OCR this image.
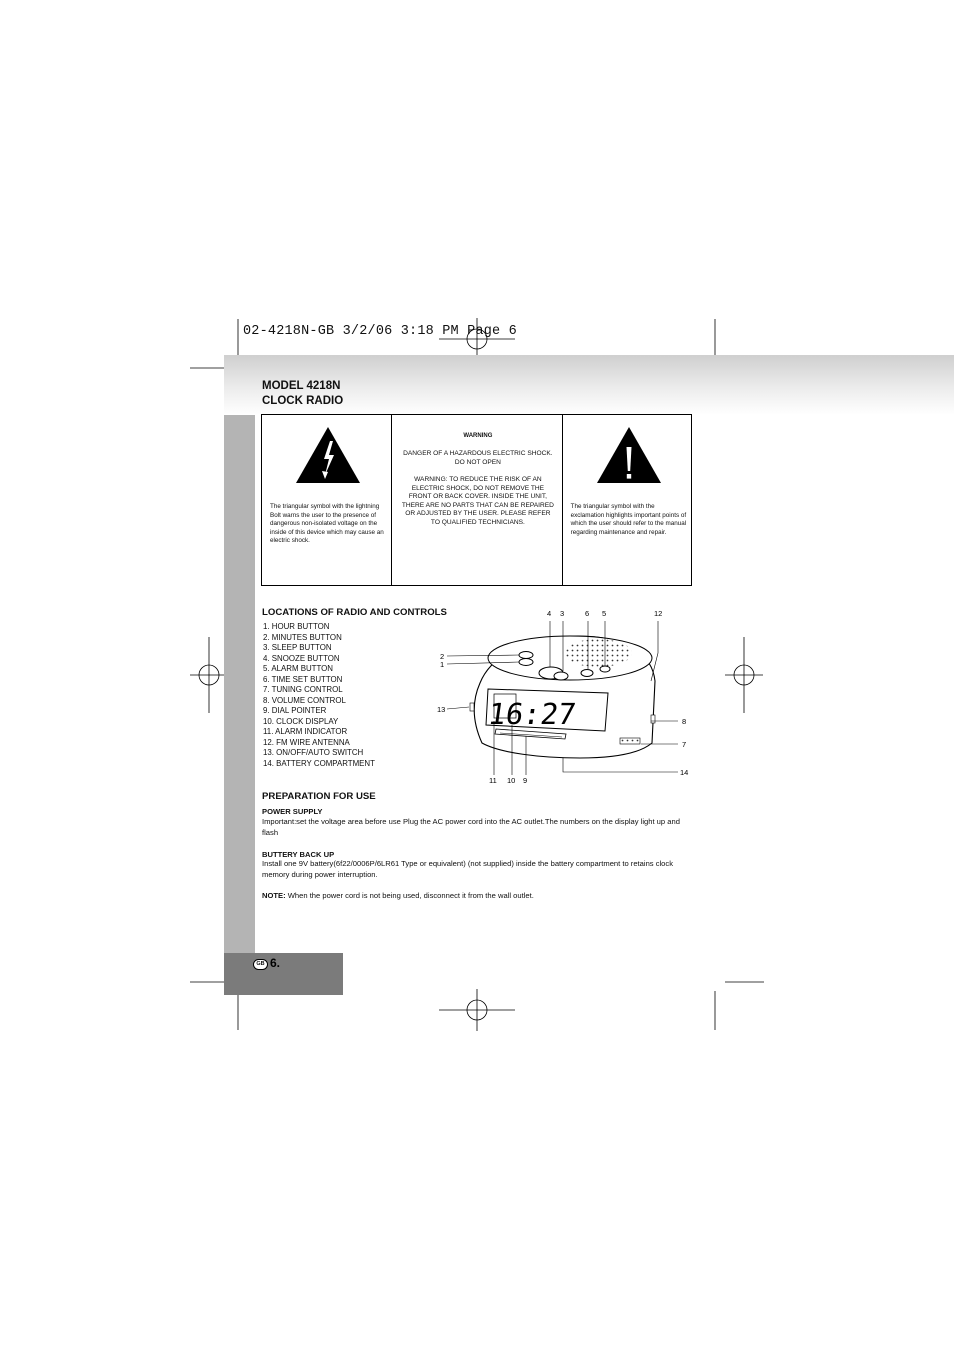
02-4218N-GB 3/2/06 3:18 PM Page 6
GB 6.
MODEL 4218N
CLOCK RADIO
The triangular symbol with the lightning Bolt warns the user to the presence of dangerous non-isolated voltage on the inside of this device which may cause an electric shock.
WARNING
DANGER OF A HAZARDOUS ELECTRIC SHOCK. DO NOT OPEN
WARNING: TO REDUCE THE RISK OF AN ELECTRIC SHOCK, DO NOT REMOVE THE FRONT OR BACK COVER. INSIDE THE UNIT, THERE ARE NO PARTS THAT CAN BE REPAIRED OR ADJUSTED BY THE USER. PLEASE REFER TO QUALIFIED TECHNICIANS.
The triangular symbol with the exclamation highlights important points of which the user should refer to the manual regarding maintenance and repair.
LOCATIONS OF RADIO AND CONTROLS
1. HOUR BUTTON
2. MINUTES BUTTON
3. SLEEP BUTTON
4. SNOOZE BUTTON
5. ALARM BUTTON
6. TIME SET BUTTON
7. TUNING CONTROL
8. VOLUME CONTROL
9. DIAL POINTER
10. CLOCK DISPLAY
11. ALARM INDICATOR
12. FM WIRE ANTENNA
13. ON/OFF/AUTO SWITCH
14. BATTERY COMPARTMENT
16:27
4 3	6 5	12
2
1
13
8
7
14
11 10 9
PREPARATION FOR USE
POWER SUPPLY
Important:set the voltage area before use Plug the AC power cord into the AC outlet.The numbers on the display light up and flash
BUTTERY BACK UP
Install one 9V battery(6f22/0006P/6LR61 Type or equivalent) (not supplied) inside the battery compartment to retains clock memory during power interruption.
NOTE: When the power cord is not being used, disconnect it from the wall outlet.
